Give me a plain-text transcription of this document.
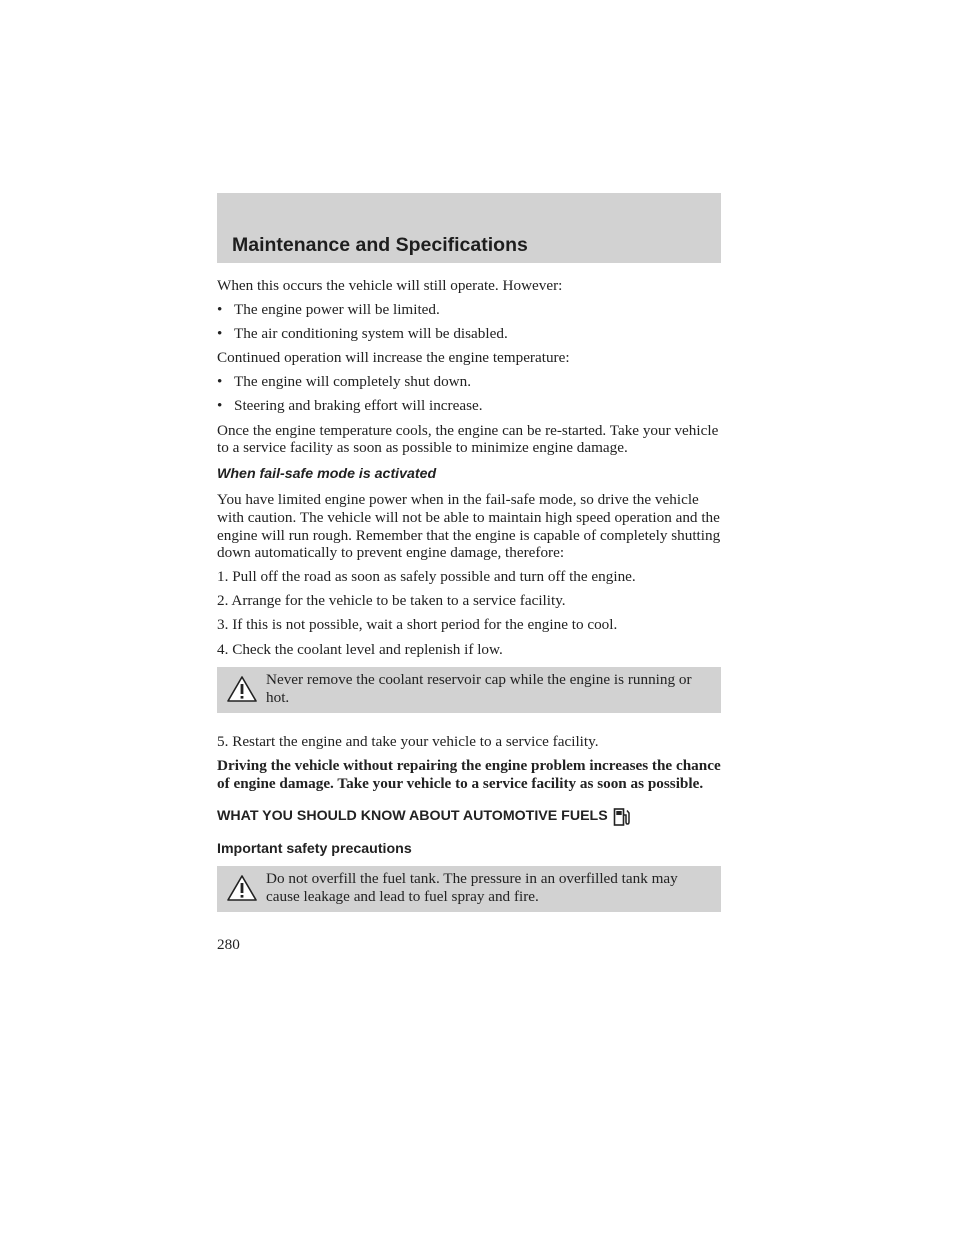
Maintenance and Specifications

When this occurs the vehicle will still operate. However:

• The engine power will be limited.
• The air conditioning system will be disabled.

Continued operation will increase the engine temperature:

• The engine will completely shut down.
• Steering and braking effort will increase.

Once the engine temperature cools, the engine can be re-started. Take your vehicle to a service facility as soon as possible to minimize engine damage.

When fail-safe mode is activated

You have limited engine power when in the fail-safe mode, so drive the vehicle with caution. The vehicle will not be able to maintain high speed operation and the engine will run rough. Remember that the engine is capable of completely shutting down automatically to prevent engine damage, therefore:

1. Pull off the road as soon as safely possible and turn off the engine.

2. Arrange for the vehicle to be taken to a service facility.

3. If this is not possible, wait a short period for the engine to cool.

4. Check the coolant level and replenish if low.

Never remove the coolant reservoir cap while the engine is running or hot.

5. Restart the engine and take your vehicle to a service facility.

Driving the vehicle without repairing the engine problem increases the chance of engine damage. Take your vehicle to a service facility as soon as possible.

WHAT YOU SHOULD KNOW ABOUT AUTOMOTIVE FUELS

Important safety precautions

Do not overfill the fuel tank. The pressure in an overfilled tank may cause leakage and lead to fuel spray and fire.

280
